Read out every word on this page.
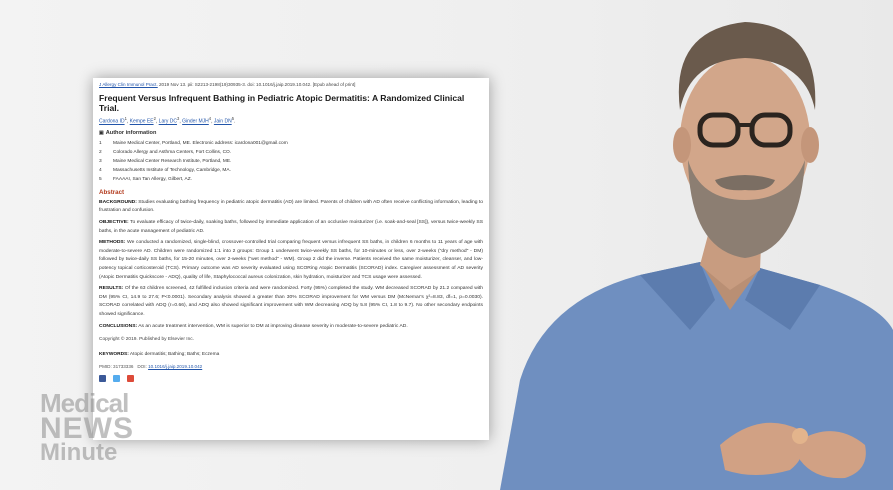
J Allergy Clin Immunol Pract. 2019 Nov 13. pii: S2213-2198(19)30935-3. doi: 10.1016/j.jaip.2019.10.042. [Epub ahead of print]
Frequent Versus Infrequent Bathing in Pediatric Atopic Dermatitis: A Randomized Clinical Trial.
Cardona $ID^1$, Kempe $EE^2$, Lary $DC^3$, Ginder MJH$^4$, Jain $DN^5$.
▣ Author information
1	Maine Medical Center, Portland, ME. Electronic address: icardona001@gmail.com
2	Colorado Allergy and Asthma Centers, Fort Collins, CO.
3	Maine Medical Center Research Institute, Portland, ME.
4	Massachusetts Institute of Technology, Cambridge, MA.
5	FAAAAI, San Tan Allergy, Gilbert, AZ.
Abstract
BACKGROUND: Studies evaluating bathing frequency in pediatric atopic dermatitis (AD) are limited. Parents of children with AD often receive conflicting information, leading to frustration and confusion.
OBJECTIVE: To evaluate efficacy of twice-daily, soaking baths, followed by immediate application of an occlusive moisturizer (i.e. soak-and-seal [SS]), versus twice-weekly SS baths, in the acute management of pediatric AD.
METHODS: We conducted a randomized, single-blind, crossover-controlled trial comparing frequent versus infrequent SS baths, in children 6 months to 11 years of age with moderate-to-severe AD. Children were randomized 1:1 into 2 groups: Group 1 underwent twice-weekly SS baths, for 10-minutes or less, over 2-weeks ("dry method" - DM) followed by twice-daily SS baths, for 15-20 minutes, over 2-weeks ("wet method" - WM). Group 2 did the inverse. Patients received the same moisturizer, cleanser, and low-potency topical corticosteroid (TCS). Primary outcome was AD severity evaluated using SCORing Atopic Dermatitis (SCORAD) index. Caregiver assessment of AD severity (Atopic Dermatitis Quickscore - ADQ), quality of life, Staphylococcal aureus colonization, skin hydration, moisturizer and TCS usage were assessed.
RESULTS: Of the 63 children screened, 42 fulfilled inclusion criteria and were randomized. Forty (95%) completed the study. WM decreased SCORAD by 21.2 compared with DM (95% CI, 14.9 to 27.6; P<0.0001). Secondary analysis showed a greater than 30% SCORAD improvement for WM versus DM (McNemar's χ²=8.83, df=1, p=0.0030). SCORAD correlated with ADQ (r=0.66), and ADQ also showed significant improvement with WM decreasing ADQ by 5.8 (95% CI, 1.8 to 9.7). No other secondary endpoints showed significance.
CONCLUSIONS: As an acute treatment intervention, WM is superior to DM at improving disease severity in moderate-to-severe pediatric AD.
Copyright © 2019. Published by Elsevier Inc.
KEYWORDS: Atopic dermatitis; Bathing; Baths; Eczema
PMID: 31733336 DOI: 10.1016/j.jaip.2019.10.042
Medical
NEWS
Minute
